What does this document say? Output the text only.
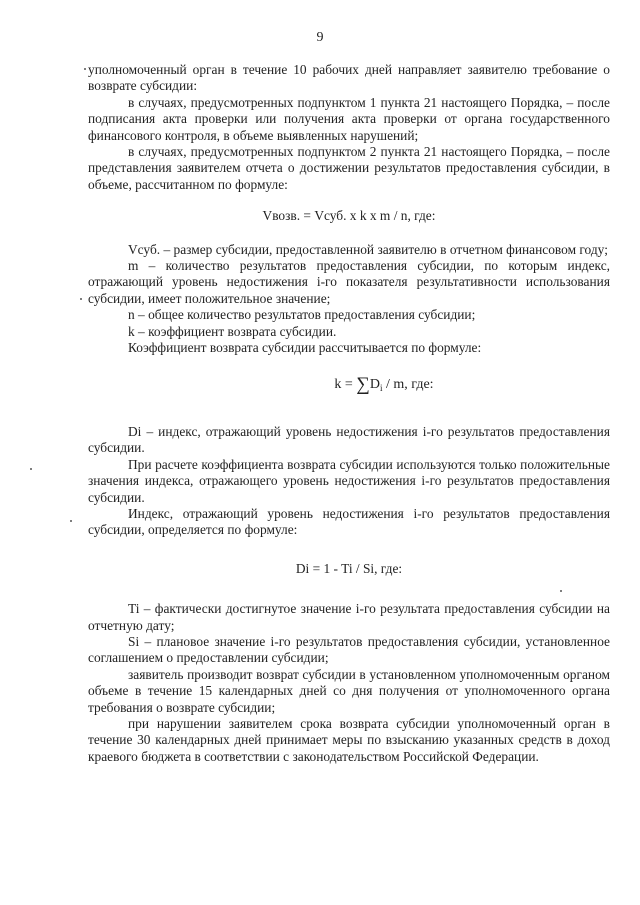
9

уполномоченный орган в течение 10 рабочих дней направляет заявителю требование о возврате субсидии:

в случаях, предусмотренных подпунктом 1 пункта 21 настоящего Порядка, – после подписания акта проверки или получения акта проверки от органа государственного финансового контроля, в объеме выявленных нарушений;

в случаях, предусмотренных подпунктом 2 пункта 21 настоящего Порядка, – после представления заявителем отчета о достижении результатов предоставления субсидии, в объеме, рассчитанном по формуле:

Vвозв. = Vсуб. x k x m / n, где:

Vсуб. – размер субсидии, предоставленной заявителю в отчетном финансовом году;

m – количество результатов предоставления субсидии, по которым индекс, отражающий уровень недостижения i-го показателя результативности использования субсидии, имеет положительное значение;

n – общее количество результатов предоставления субсидии;

k – коэффициент возврата субсидии.

Коэффициент возврата субсидии рассчитывается по формуле:

$k = \sum D_i / m$, где:

Di – индекс, отражающий уровень недостижения i-го результатов предоставления субсидии.

При расчете коэффициента возврата субсидии используются только положительные значения индекса, отражающего уровень недостижения i-го результатов предоставления субсидии.

Индекс, отражающий уровень недостижения i-го результатов предоставления субсидии, определяется по формуле:

Di = 1 - Ti / Si, где:

Ti – фактически достигнутое значение i-го результата предоставления субсидии на отчетную дату;

Si – плановое значение i-го результатов предоставления субсидии, установленное соглашением о предоставлении субсидии;

заявитель производит возврат субсидии в установленном уполномоченным органом объеме в течение 15 календарных дней со дня получения от уполномоченного органа требования о возврате субсидии;

при нарушении заявителем срока возврата субсидии уполномоченный орган в течение 30 календарных дней принимает меры по взысканию указанных средств в доход краевого бюджета в соответствии с законодательством Российской Федерации.
